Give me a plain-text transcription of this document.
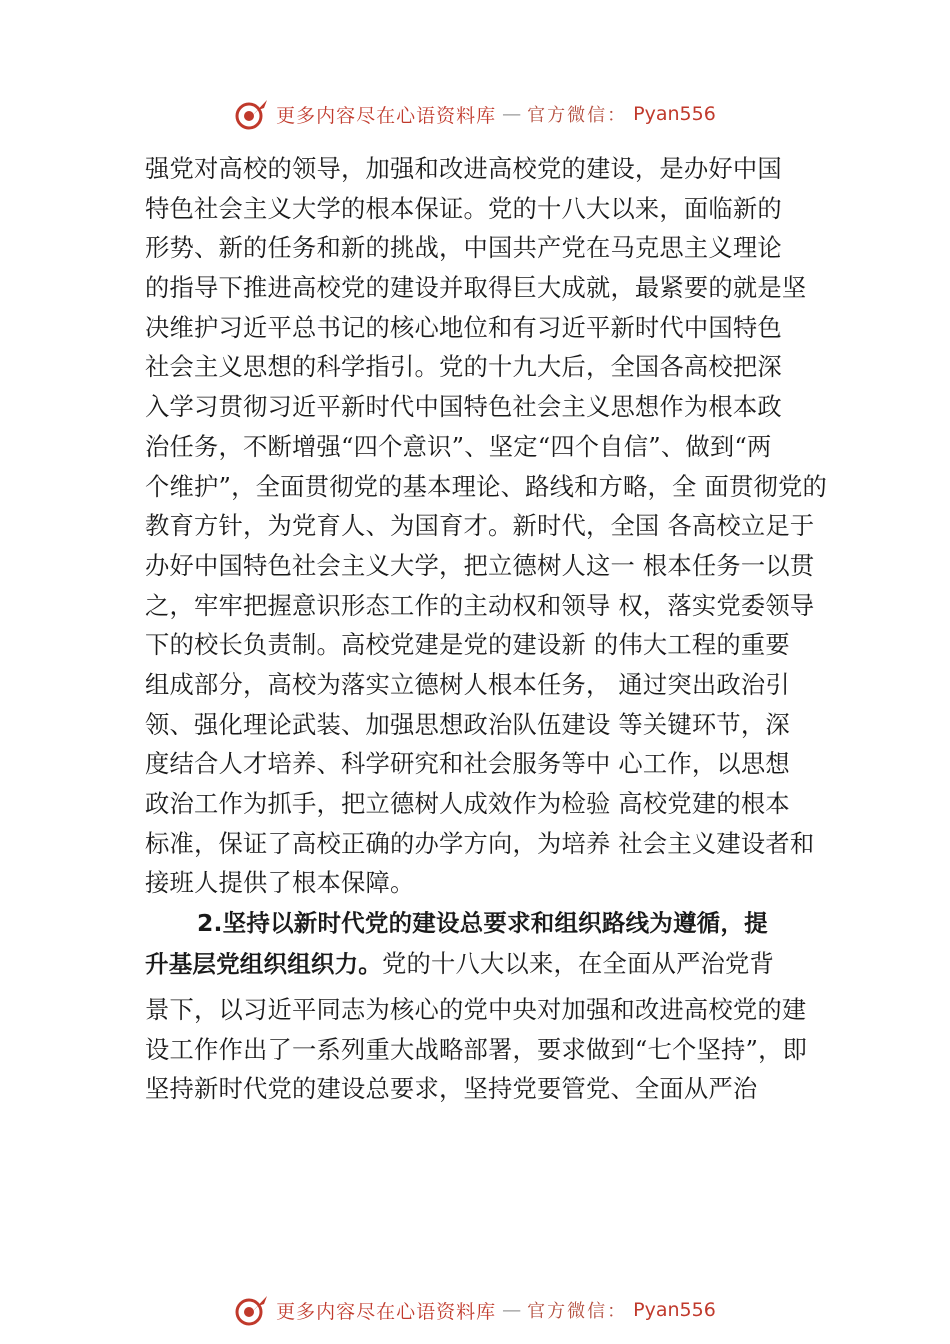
更多内容尽在心语资料库 — 官方微信： Pyan556
强党对高校的领导，加强和改进高校党的建设，是办好中国
特色社会主义大学的根本保证。党的十八大以来，面临新的
形势、新的任务和新的挑战，中国共产党在马克思主义理论
的指导下推进高校党的建设并取得巨大成就，最紧要的就是坚
决维护习近平总书记的核心地位和有习近平新时代中国特色
社会主义思想的科学指引。党的十九大后，全国各高校把深
入学习贯彻习近平新时代中国特色社会主义思想作为根本政
治任务，不断增强“四个意识”、坚定“四个自信”、做到“两
个维护”，全面贯彻党的基本理论、路线和方略，全 面贯彻党的
教育方针，为党育人、为国育才。新时代，全国 各高校立足于
办好中国特色社会主义大学，把立德树人这一 根本任务一以贯
之，牢牢把握意识形态工作的主动权和领导 权，落实党委领导
下的校长负责制。高校党建是党的建设新 的伟大工程的重要
组成部分，高校为落实立德树人根本任务， 通过突出政治引
领、强化理论武装、加强思想政治队伍建设 等关键环节，深
度结合人才培养、科学研究和社会服务等中 心工作，以思想
政治工作为抓手，把立德树人成效作为检验 高校党建的根本
标准，保证了高校正确的办学方向，为培养 社会主义建设者和
接班人提供了根本保障。
2.坚持以新时代党的建设总要求和组织路线为遵循，提
升基层党组织组织力。党的十八大以来，在全面从严治党背
景下，以习近平同志为核心的党中央对加强和改进高校党的建
设工作作出了一系列重大战略部署，要求做到“七个坚持”，即
坚持新时代党的建设总要求，坚持党要管党、全面从严治
更多内容尽在心语资料库 — 官方微信： Pyan556
